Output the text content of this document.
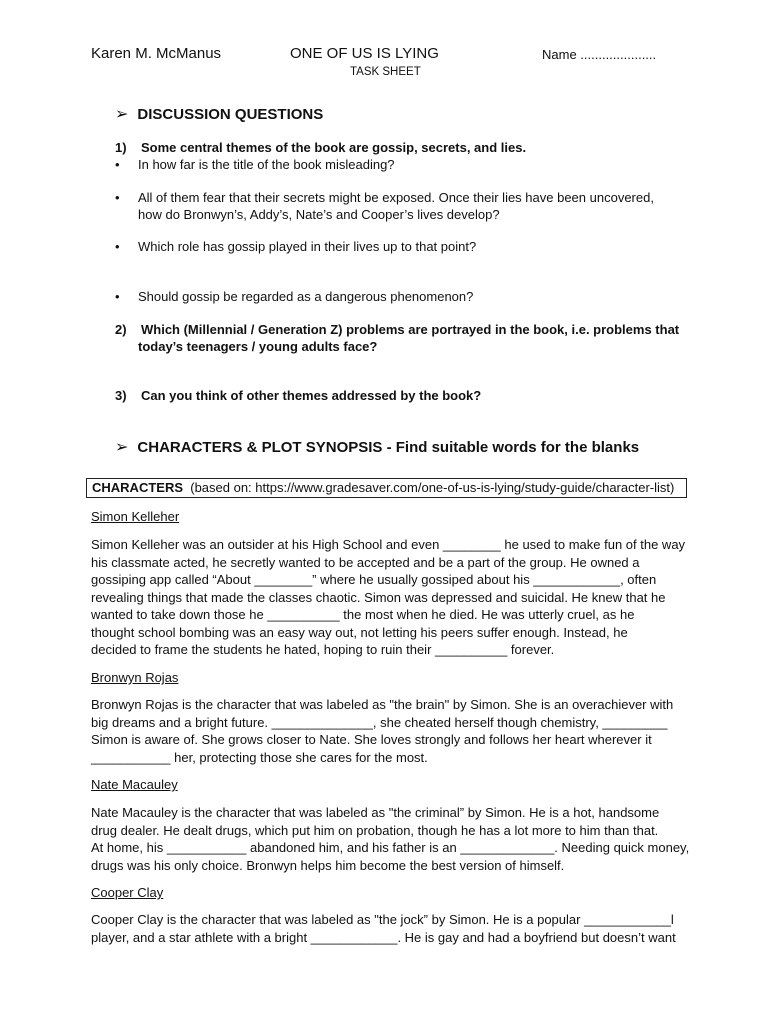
Karen M. McManus	ONE OF US IS LYING
TASK SHEET
Name .....................
➢ DISCUSSION QUESTIONS
1) Some central themes of the book are gossip, secrets, and lies.
• In how far is the title of the book misleading?
• All of them fear that their secrets might be exposed. Once their lies have been uncovered,
how do Bronwyn’s, Addy’s, Nate’s and Cooper’s lives develop?
• Which role has gossip played in their lives up to that point?
• Should gossip be regarded as a dangerous phenomenon?
2) Which (Millennial / Generation Z) problems are portrayed in the book, i.e. problems that
today’s teenagers / young adults face?
3) Can you think of other themes addressed by the book?
➢ CHARACTERS & PLOT SYNOPSIS - Find suitable words for the blanks
CHARACTERS (based on: https://www.gradesaver.com/one-of-us-is-lying/study-guide/character-list)
Simon Kelleher
Simon Kelleher was an outsider at his High School and even ________ he used to make fun of the way
his classmate acted, he secretly wanted to be accepted and be a part of the group. He owned a
gossiping app called “About ________” where he usually gossiped about his ____________, often
revealing things that made the classes chaotic. Simon was depressed and suicidal. He knew that he
wanted to take down those he __________ the most when he died. He was utterly cruel, as he
thought school bombing was an easy way out, not letting his peers suffer enough. Instead, he
decided to frame the students he hated, hoping to ruin their __________ forever.
Bronwyn Rojas
Bronwyn Rojas is the character that was labeled as "the brain" by Simon. She is an overachiever with
big dreams and a bright future. ______________, she cheated herself though chemistry, _________
Simon is aware of. She grows closer to Nate. She loves strongly and follows her heart wherever it
___________ her, protecting those she cares for the most.
Nate Macauley
Nate Macauley is the character that was labeled as "the criminal” by Simon. He is a hot, handsome
drug dealer. He dealt drugs, which put him on probation, though he has a lot more to him than that.
At home, his ___________ abandoned him, and his father is an _____________. Needing quick money,
drugs was his only choice. Bronwyn helps him become the best version of himself.
Cooper Clay
Cooper Clay is the character that was labeled as "the jock” by Simon. He is a popular ____________l
player, and a star athlete with a bright ____________. He is gay and had a boyfriend but doesn’t want
